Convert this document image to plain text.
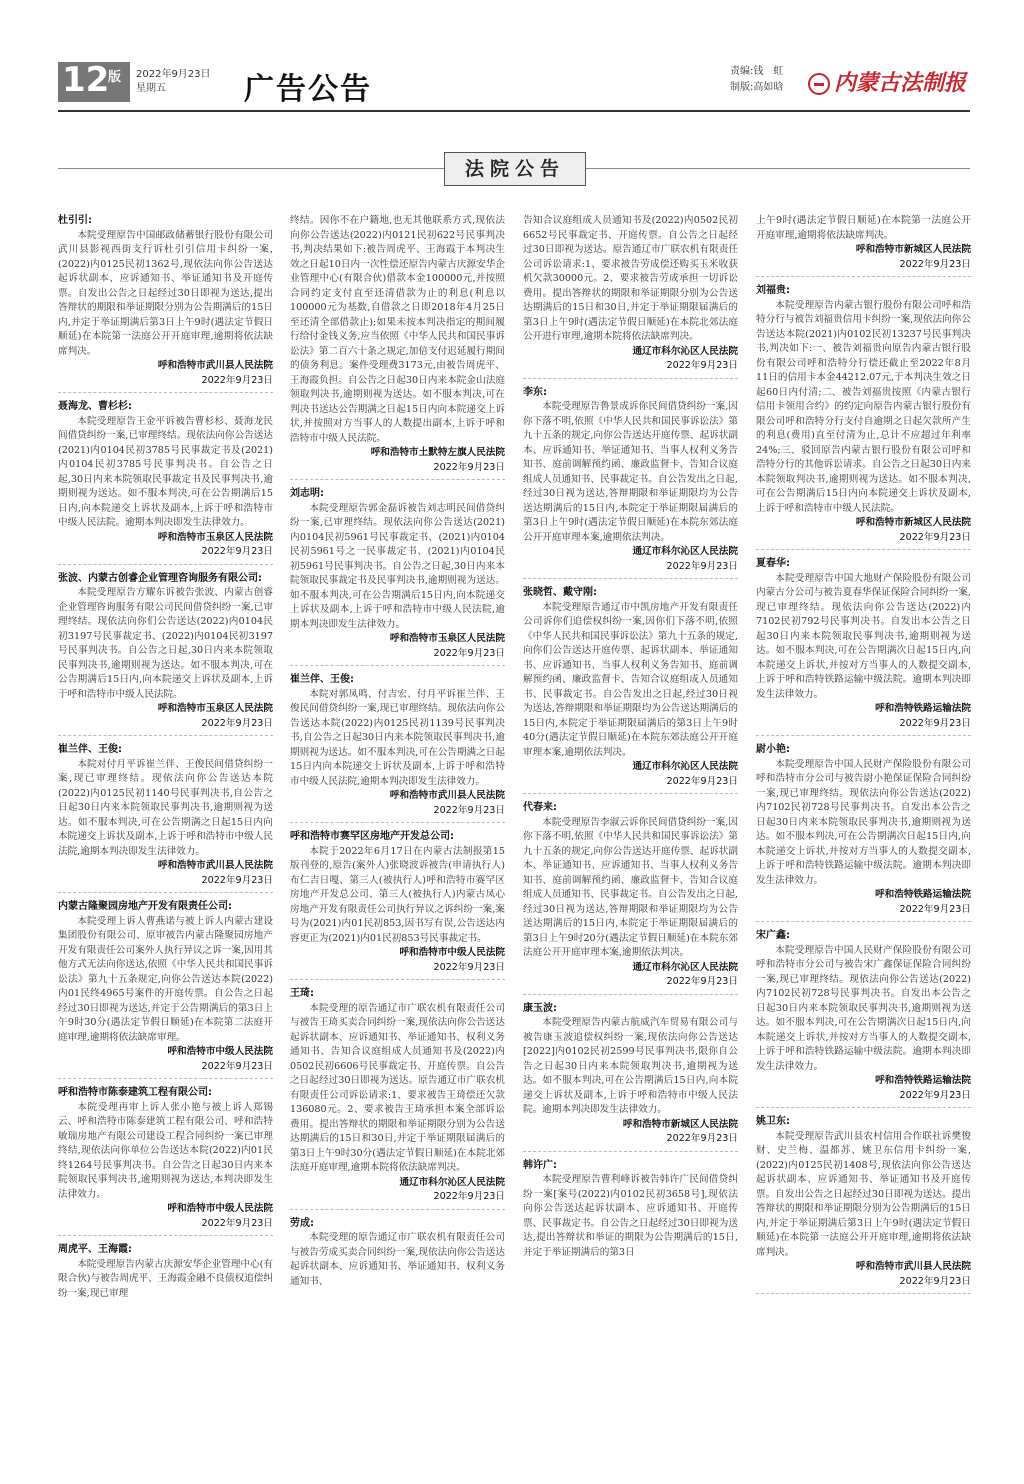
12
版 2022年9月23日
星期五	广告公告
责编:钱　虹
制版:高如晗	内蒙古法制报
法院公告
杜引引:
本院受理原告中国邮政储蓄银行股份有限公司武川县影视西街支行诉杜引引信用卡纠纷一案,(2022)内0125民初1362号,现依法向你公告送达起诉状副本、应诉通知书、举证通知书及开庭传票。自发出公告之日起经过30日即视为送达,提出答辩状的期限和举证期限分别为公告期满后的15日内,并定于举证期满后第3日上午9时(遇法定节假日顺延)在本院第一法庭公开开庭审理,逾期将依法缺席判决。
呼和浩特市武川县人民法院
2022年9月23日
聂海龙、曹杉杉:
本院受理原告王金平诉被告曹杉杉、聂海龙民间借贷纠纷一案,已审理终结。现依法向你公告送达(2021)内0104民初3785号民事裁定书及(2021)内0104民初3785号民事判决书。自公告之日起,30日内来本院领取民事裁定书及民事判决书,逾期则视为送达。如不服本判决,可在公告期满后15日内,向本院递交上诉状及副本,上诉于呼和浩特市中级人民法院。逾期本判决即发生法律效力。
呼和浩特市玉泉区人民法院
2022年9月23日
张波、内蒙古创睿企业管理咨询服务有限公司:
本院受理原告方耀东诉被告张波、内蒙古创睿企业管理咨询服务有限公司民间借贷纠纷一案,已审理终结。现依法向你们公告送达(2022)内0104民初3197号民事裁定书、(2022)内0104民初3197号民事判决书。自公告之日起,30日内来本院领取民事判决书,逾期则视为送达。如不服本判决,可在公告期满后15日内,向本院递交上诉状及副本,上诉于呼和浩特市中级人民法院。
呼和浩特市玉泉区人民法院
2022年9月23日
崔兰伴、王俊:
本院对付月平诉崔兰伴、王俊民间借贷纠纷一案,现已审理终结。现依法向你公告送达本院(2022)内0125民初1140号民事判决书,自公告之日起30日内来本院领取民事判决书,逾期则视为送达。如不服本判决,可在公告期满之日起15日内向本院递交上诉状及副本,上诉于呼和浩特市中级人民法院,逾期本判决即发生法律效力。
呼和浩特市武川县人民法院
2022年9月23日
内蒙古隆聚园房地产开发有限责任公司:
本院受理上诉人曹燕诺与被上诉人内蒙古建设集团股份有限公司、原审被告内蒙古隆聚园房地产开发有限责任公司案外人执行异议之诉一案,因用其他方式无法向你送达,依照《中华人民共和国民事诉讼法》第九十五条规定,向你公告送达本院(2022)内01民终4965号案件的开庭传票。自公告之日起经过30日即视为送达,并定于公告期满后的第3日上午9时30分(遇法定节假日顺延)在本院第二法庭开庭审理,逾期将依法缺席审理。
呼和浩特市中级人民法院
2022年9月23日
呼和浩特市陈泰建筑工程有限公司:
本院受理再审上诉人张小艳与被上诉人郑锡云、呼和浩特市陈泰建筑工程有限公司、呼和浩特敏瑞房地产有限公司建设工程合同纠纷一案已审理终结,现依法向你单位公告送达本院(2022)内01民终1264号民事判决书。自公告之日起30日内来本院领取民事判决书,逾期则视为送达,本判决即发生法律效力。
呼和浩特市中级人民法院
2022年9月23日
周虎平、王海霞:
本院受理原告内蒙古庆源安华企业管理中心(有限合伙)与被告周虎平、王海霞金融不良债权追偿纠纷一案,现已审理
终结。因你不在户籍地,也无其他联系方式,现依法向你公告送达(2022)内0121民初622号民事判决书,判决结果如下:被告周虎平、王海霞于本判决生效之日起10日内一次性偿还原告内蒙古庆源安华企业管理中心(有限合伙)借款本金100000元,并按照合同约定支付直至还清借款为止的利息(利息以100000元为基数,自借款之日即2018年4月25日至还清全部借款止);如果未按本判决指定的期间履行给付金钱义务,应当依照《中华人民共和国民事诉讼法》第二百六十条之规定,加倍支付迟延履行期间的债务利息。案件受理费3173元,由被告周虎平、王海霞负担。自公告之日起30日内来本院金山法庭领取判决书,逾期则视为送达。如不服本判决,可在判决书送达公告期满之日起15日内向本院递交上诉状,并按照对方当事人的人数提出副本,上诉于呼和浩特市中级人民法院。
呼和浩特市土默特左旗人民法院
2022年9月23日
刘志明:
本院受理原告郭金磊诉被告刘志明民间借贷纠纷一案,已审理终结。现依法向你公告送达(2021)内0104民初5961号民事裁定书、(2021)内0104民初5961号之一民事裁定书、(2021)内0104民初5961号民事判决书。自公告之日起,30日内来本院领取民事裁定书及民事判决书,逾期则视为送达。如不服本判决,可在公告期满后15日内,向本院递交上诉状及副本,上诉于呼和浩特市中级人民法院,逾期本判决即发生法律效力。
呼和浩特市玉泉区人民法院
2022年9月23日
崔兰伴、王俊:
本院对郭凤鸣、付吉宏、付月平诉崔兰伴、王俊民间借贷纠纷一案,现已审理终结。现依法向你公告送达本院(2022)内0125民初1139号民事判决书,自公告之日起30日内来本院领取民事判决书,逾期则视为送达。如不服本判决,可在公告期满之日起15日内向本院递交上诉状及副本,上诉于呼和浩特市中级人民法院,逾期本判决即发生法律效力。
呼和浩特市武川县人民法院
2022年9月23日
呼和浩特市赛罕区房地产开发总公司:
本院于2022年6月17日在内蒙古法制报第15版刊登的,原告(案外人)张晓波诉被告(申请执行人)布仁吉日嘎、第三人(被执行人)呼和浩特市赛罕区房地产开发总公司、第三人(被执行人)内蒙古凤心房地产开发有限责任公司执行异议之诉纠纷一案,案号为(2021)内01民初853,因书写有误,公告送达内容更正为(2021)内01民初853号民事裁定书。
呼和浩特市中级人民法院
2022年9月23日
王琦:
本院受理的原告通辽市广联农机有限责任公司与被告王琦买卖合同纠纷一案,现依法向你公告送达起诉状副本、应诉通知书、举证通知书、权利义务通知书、告知合议庭组成人员通知书及(2022)内0502民初6606号民事裁定书、开庭传票。自公告之日起经过30日即视为送达。原告通辽市广联农机有限责任公司诉讼请求:1、要求被告王琦偿还欠款136080元。2、要求被告王琦承担本案全部诉讼费用。提出答辩状的期限和举证期限分别为公告送达期满后的15日和30日,并定于举证期限届满后的第3日上午9时30分(遇法定节假日顺延)在本院北郊法庭开庭审理,逾期本院将依法缺席判决。
通辽市科尔沁区人民法院
2022年9月23日
劳成:
本院受理的原告通辽市广联农机有限责任公司与被告劳成买卖合同纠纷一案,现依法向你公告送达起诉状副本、应诉通知书、举证通知书、权利义务通知书、
告知合议庭组成人员通知书及(2022)内0502民初6652号民事裁定书、开庭传票。自公告之日起经过30日即视为送达。原告通辽市广联农机有限责任公司诉讼请求:1、要求被告劳成偿还购买玉米收获机欠款30000元。2、要求被告劳成承担一切诉讼费用。提出答辩状的期限和举证期限分别为公告送达期满后的15日和30日,并定于举证期限届满后的第3日上午9时(遇法定节假日顺延)在本院北郊法庭公开进行审理,逾期本院将依法缺席判决。
通辽市科尔沁区人民法院
2022年9月23日
李东:
本院受理原告鲁景成诉你民间借贷纠纷一案,因你下落不明,依照《中华人民共和国民事诉讼法》第九十五条的规定,向你公告送达开庭传票、起诉状副本、应诉通知书、举证通知书、当事人权利义务告知书、庭前调解预约函、廉政监督卡、告知合议庭组成人员通知书、民事裁定书。自公告发出之日起,经过30日视为送达,答辩期限和举证期限均为公告送达期满后的15日内,本院定于举证期限届满后的第3日上午9时(遇法定节假日顺延)在本院东郊法庭公开开庭审理本案,逾期依法判决。
通辽市科尔沁区人民法院
2022年9月23日
张晓哲、戴守刚:
本院受理原告通辽市中凯房地产开发有限责任公司诉你们追偿权纠纷一案,因你们下落不明,依照《中华人民共和国民事诉讼法》第九十五条的规定,向你们公告送达开庭传票、起诉状副本、举证通知书、应诉通知书、当事人权利义务告知书、庭前调解预约函、廉政监督卡、告知合议庭组成人员通知书、民事裁定书。自公告发出之日起,经过30日视为送达,答辩期限和举证期限均为公告送达期满后的15日内,本院定于举证期限届满后的第3日上午9时40分(遇法定节假日顺延)在本院东郊法庭公开开庭审理本案,逾期依法判决。
通辽市科尔沁区人民法院
2022年9月23日
代春来:
本院受理原告李淑云诉你民间借贷纠纷一案,因你下落不明,依照《中华人民共和国民事诉讼法》第九十五条的规定,向你公告送达开庭传票、起诉状副本、举证通知书、应诉通知书、当事人权利义务告知书、庭前调解预约函、廉政监督卡、告知合议庭组成人员通知书、民事裁定书。自公告发出之日起,经过30日视为送达,答辩期限和举证期限均为公告送达期满后的15日内,本院定于举证期限届满后的第3日上午9时20分(遇法定节假日顺延)在本院东郊法庭公开开庭审理本案,逾期依法判决。
通辽市科尔沁区人民法院
2022年9月23日
康玉波:
本院受理原告内蒙古航威汽车贸易有限公司与被告康玉波追偿权纠纷一案,现依法向你公告送达[2022]内0102民初2599号民事判决书,限你自公告之日起30日内来本院领取判决书,逾期视为送达。如不服本判决,可在公告期满后15日内,向本院递交上诉状及副本,上诉于呼和浩特市中级人民法院。逾期本判决即发生法律效力。
呼和浩特市新城区人民法院
2022年9月23日
韩许广:
本院受理原告曹利峰诉被告韩许广民间借贷纠纷一案[案号(2022)内0102民初3658号],现依法向你公告送达起诉状副本、应诉通知书、开庭传票、民事裁定书。自公告之日起经过30日即视为送达,提出答辩状和举证的期限为公告期满后的15日,并定于举证期满后的第3日
上午9时(遇法定节假日顺延)在本院第一法庭公开开庭审理,逾期将依法缺席判决。
呼和浩特市新城区人民法院
2022年9月23日
刘福贵:
本院受理原告内蒙古银行股份有限公司呼和浩特分行与被告刘福贵信用卡纠纷一案,现依法向你公告送达本院(2021)内0102民初13237号民事判决书,判决如下:一、被告刘福贵向原告内蒙古银行股份有限公司呼和浩特分行偿还截止至2022年8月11日的信用卡本金44212.07元,于本判决生效之日起60日内付清;二、被告刘福贵按照《内蒙古银行信用卡领用合约》的约定向原告内蒙古银行股份有限公司呼和浩特分行支付自逾期之日起欠款所产生的利息(费用)直至付清为止,总计不应超过年利率24%;三、驳回原告内蒙古银行股份有限公司呼和浩特分行的其他诉讼请求。自公告之日起30日内来本院领取判决书,逾期则视为送达。如不服本判决,可在公告期满后15日内向本院递交上诉状及副本,上诉于呼和浩特市中级人民法院。
呼和浩特市新城区人民法院
2022年9月23日
夏春华:
本院受理原告中国大地财产保险股份有限公司内蒙古分公司与被告夏春华保证保险合同纠纷一案,现已审理终结。现依法向你公告送达(2022)内7102民初792号民事判决书。自发出本公告之日起30日内来本院领取民事判决书,逾期则视为送达。如不服本判决,可在公告期满次日起15日内,向本院递交上诉状,并按对方当事人的人数提交副本,上诉于呼和浩特铁路运输中级法院。逾期本判决即发生法律效力。
呼和浩特铁路运输法院
2022年9月23日
尉小艳:
本院受理原告中国人民财产保险股份有限公司呼和浩特市分公司与被告尉小艳保证保险合同纠纷一案,现已审理终结。现依法向你公告送达(2022)内7102民初728号民事判决书。自发出本公告之日起30日内来本院领取民事判决书,逾期则视为送达。如不服本判决,可在公告期满次日起15日内,向本院递交上诉状,并按对方当事人的人数提交副本,上诉于呼和浩特铁路运输中级法院。逾期本判决即发生法律效力。
呼和浩特铁路运输法院
2022年9月23日
宋广鑫:
本院受理原告中国人民财产保险股份有限公司呼和浩特市分公司与被告宋广鑫保证保险合同纠纷一案,现已审理终结。现依法向你公告送达(2022)内7102民初728号民事判决书。自发出本公告之日起30日内来本院领取民事判决书,逾期则视为送达。如不服本判决,可在公告期满次日起15日内,向本院递交上诉状,并按对方当事人的人数提交副本,上诉于呼和浩特铁路运输中级法院。逾期本判决即发生法律效力。
呼和浩特铁路运输法院
2022年9月23日
姚卫东:
本院受理原告武川县农村信用合作联社诉樊俊财、史兰梅、温都苏、姚卫东信用卡纠纷一案,(2022)内0125民初1408号,现依法向你公告送达起诉状副本、应诉通知书、举证通知书及开庭传票。自发出公告之日起经过30日即视为送达。提出答辩状的期限和举证期限分别为公告期满后的15日内,并定于举证期满后第3日上午9时(遇法定节假日顺延)在本院第一法庭公开开庭审理,逾期将依法缺席判决。
呼和浩特市武川县人民法院
2022年9月23日
